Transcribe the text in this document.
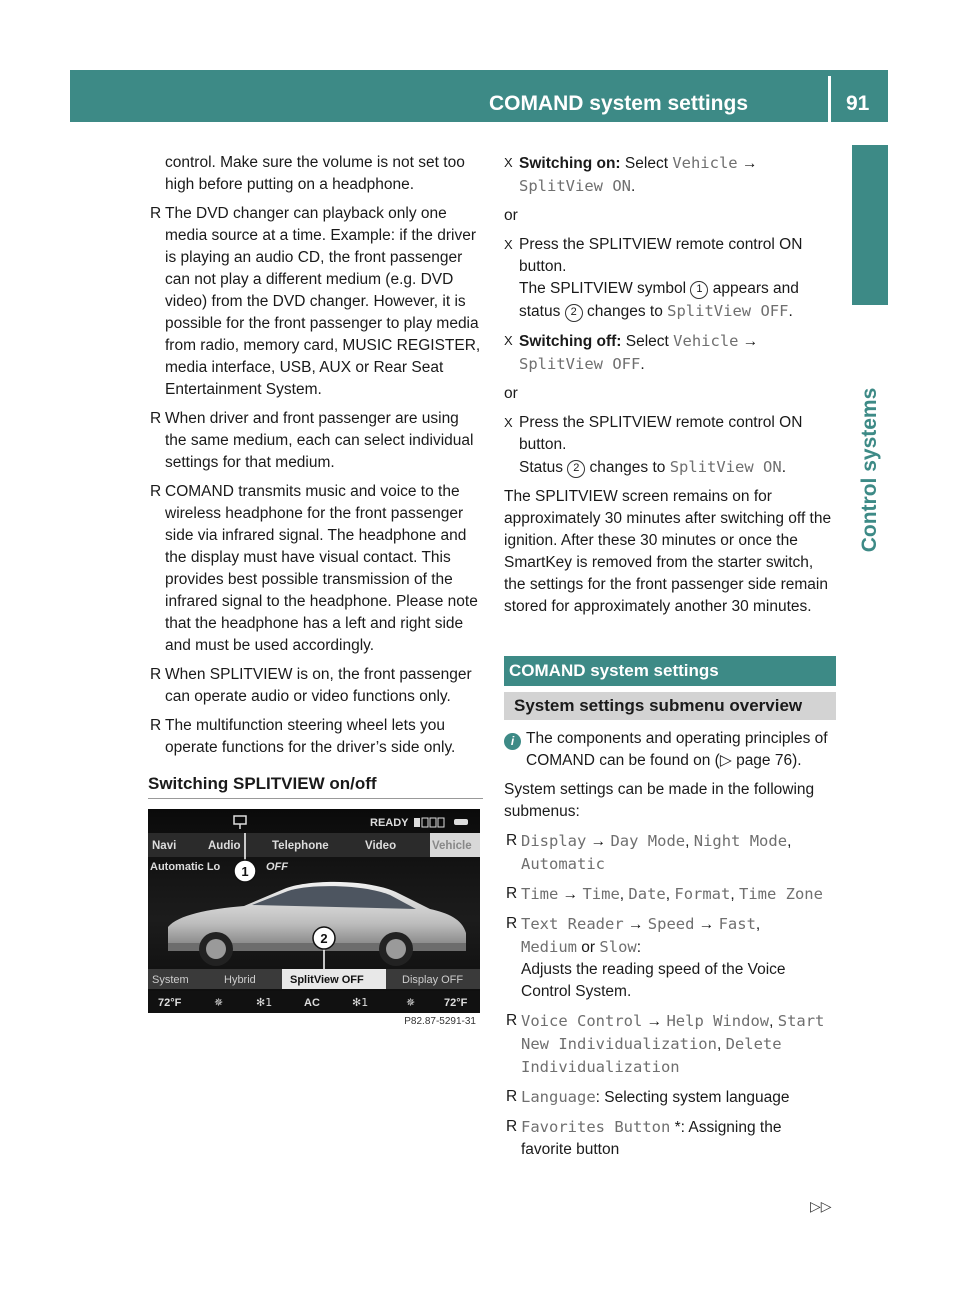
COMAND system settings	91
Control systems

control. Make sure the volume is not set too high before putting on a headphone.

R The DVD changer can playback only one media source at a time. Example: if the driver is playing an audio CD, the front passenger can not play a different medium (e.g. DVD video) from the DVD changer. However, it is possible for the front passenger to play media from radio, memory card, MUSIC REGISTER, media interface, USB, AUX or Rear Seat Entertainment System.
R When driver and front passenger are using the same medium, each can select individual settings for that medium.
R COMAND transmits music and voice to the wireless headphone for the front passenger side via infrared signal. The headphone and the display must have visual contact. This provides best possible transmission of the infrared signal to the headphone. Please note that the headphone has a left and right side and must be used accordingly.
R When SPLITVIEW is on, the front passenger can operate audio or video functions only.
R The multifunction steering wheel lets you operate functions for the driver’s side only.
Switching SPLITVIEW on/off
READY
Navi	Audio	Telephone	Video	Vehicle
Automatic Lo	OFF
1
2
System	Hybrid	SplitView OFF	Display OFF
72°F	✵	✻1	AC	✻1	✵	72°F
P82.87-5291-31
X Switching on: Select Vehicle →
SplitView ON.

or

X Press the SPLITVIEW remote control ON button.
The SPLITVIEW symbol 1 appears and status 2 changes to SplitView OFF.
X Switching off: Select Vehicle →
SplitView OFF.

or

X Press the SPLITVIEW remote control ON button.
Status 2 changes to SplitView ON.

The SPLITVIEW screen remains on for approximately 30 minutes after switching off the ignition. After these 30 minutes or once the SmartKey is removed from the starter switch, the settings for the front passenger side remain stored for approximately another 30 minutes.

COMAND system settings
System settings submenu overview
i The components and operating principles of COMAND can be found on (▷ page 76).

System settings can be made in the following submenus:

R Display → Day Mode, Night Mode,
Automatic
R Time → Time, Date, Format, Time Zone
R Text Reader → Speed → Fast,
Medium or Slow:
Adjusts the reading speed of the Voice Control System.
R Voice Control → Help Window, Start New Individualization, Delete Individualization
R Language: Selecting system language
R Favorites Button *: Assigning the favorite button
▷▷
